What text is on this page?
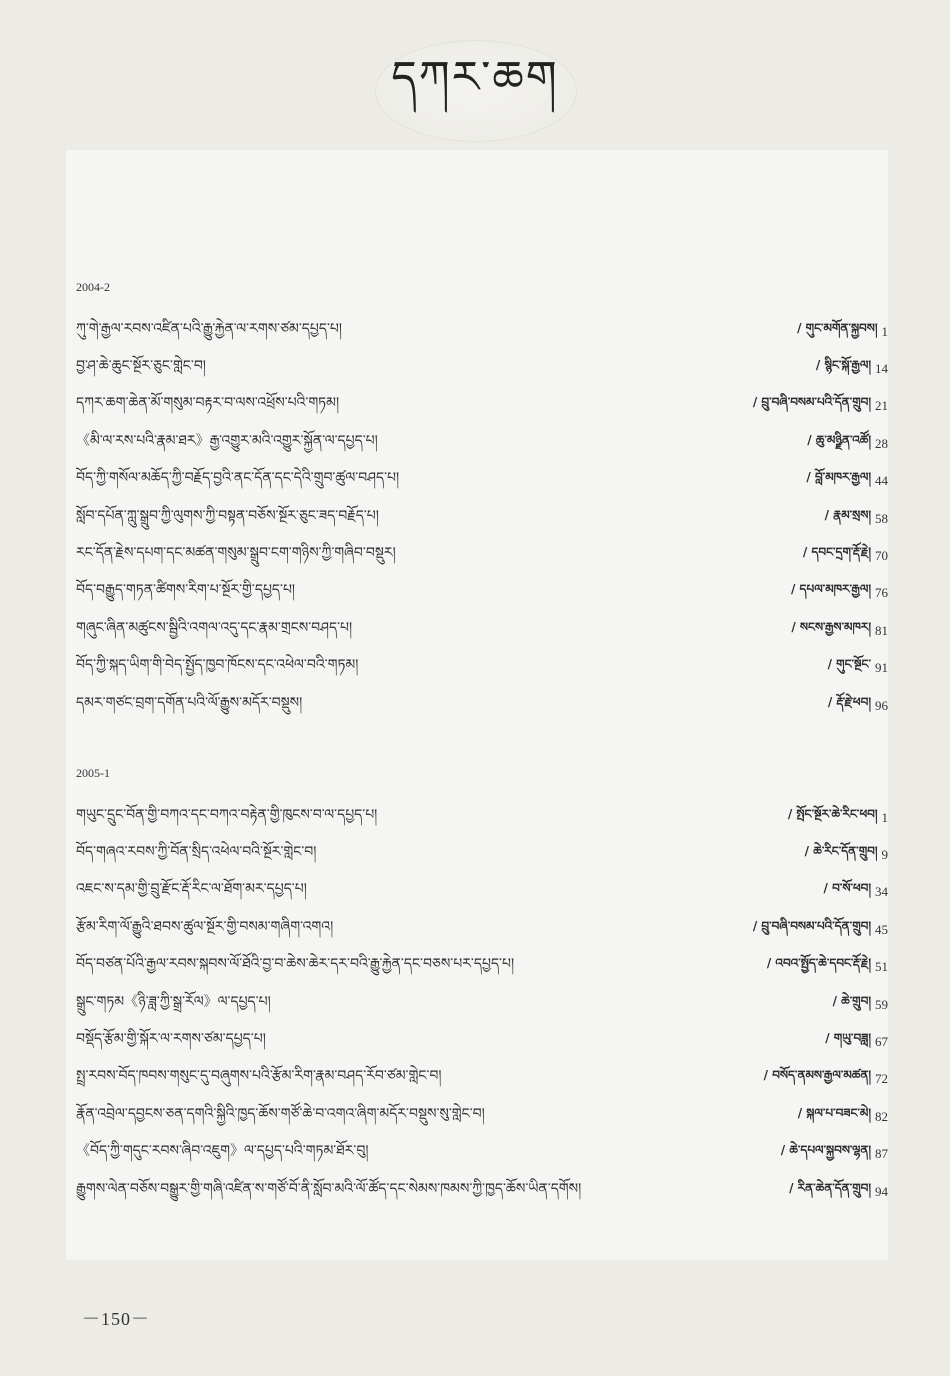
དཀར་ཆག
2004-2
ཀུ་གེ་རྒྱལ་རབས་འཛིན་པའི་རྒྱུ་རྐྱེན་ལ་རགས་ཙམ་དཔྱད་པ།	/ གུང་མགོན་སྐྱབས། 1
བྱ་ཤ་ཆེ་ཆུང་སྔོར་ཅུང་གླེང་བ།	/ སྙིང་སྐོ་རྒྱལ། 14
དཀར་ཆག་ཆེན་མོ་གསུམ་བརྟར་བ་ལས་འཕྲོས་པའི་གཏམ།	/ བྲུ་བཞི་བསམ་པའི་དོན་གྲུབ། 21
《མི་ལ་རས་པའི་རྣམ་ཐར》རྒྱ་འགྱུར་མའི་འགྱུར་སྐྱོན་ལ་དཔྱད་པ།	/ ཆུ་མཉྫིན་འཚོ། 28
བོད་ཀྱི་གསོལ་མཆོད་ཀྱི་བརྗོད་བྱའི་ནང་དོན་དང་དེའི་གྲུབ་ཚུལ་བཤད་པ།	/ བློ་མཁར་རྒྱལ། 44
སློབ་དཔོན་ཀླུ་སྒྲུབ་ཀྱི་ལུགས་ཀྱི་བསྟན་བཅོས་སྔོར་ཅུང་ཟད་བརྗོད་པ།	/ རྣམ་སྲས། 58
རང་དོན་རྗེས་དཔག་དང་མཚན་གསུམ་སྒྲུབ་ངག་གཉིས་ཀྱི་གཞིབ་བསྡུར།	/ དབང་དྲག་རྡོ་རྗེ། 70
བོད་བརྒྱུད་གཏན་ཚིགས་རིག་པ་སྔོར་གྱི་དཔྱད་པ།	/ དཔལ་མཁར་རྒྱལ། 76
གཞུང་ཞིན་མཚུངས་སྦྱིའི་འགལ་འདུ་དང་རྣམ་གྲངས་བཤད་པ།	/ སངས་རྒྱས་མཁར། 81
བོད་ཀྱི་སྐད་ཡིག་གི་བེད་སྤྱོད་ཁྱབ་ཁོངས་དང་འཕེལ་བའི་གཏམ།	/ གུང་སྔོང་ 91
དམར་གཙང་བྲག་དགོན་པའི་ལོ་རྒྱུས་མདོར་བསྡུས།	/ རྡོ་རྗེ་ཕབ། 96
2005-1
གཡུང་དྲུང་བོན་གྱི་བཀའ་དང་བཀའ་བརྟེན་གྱི་ཁུངས་བ་ལ་དཔྱད་པ།	/ སྤོང་སྔོར་ཆེ་རིང་ཕབ། 1
བོད་གཞའ་རབས་ཀྱི་བོན་སྲིད་འཕེལ་བའི་སྔོར་གླེང་བ།	/ ཆེ་རིང་དོན་གྲུབ། 9
འཇང་ས་དམ་གྱི་བྲུ་རྫོང་རྡོ་རིང་ལ་ཐོག་མར་དཔྱད་པ།	/ བ་སོ་ཕབ། 34
རྩོམ་རིག་ལོ་རྒྱུའི་ཐབས་ཚུལ་སྔོར་གྱི་བསམ་གཞིག་འགའ།	/ བྲུ་བཞི་བསམ་པའི་དོན་གྲུབ། 45
བོད་བཙན་པོའི་རྒྱལ་རབས་སྐབས་ལོ་ཐོའི་བྱ་བ་ཆེས་ཆེར་དར་བའི་རྒྱུ་རྐྱེན་དང་བཅས་པར་དཔྱད་པ།	/ འབའ་སྤྱོད་ཆེ་དབང་རྡོ་རྗེ། 51
སྒྲུང་གཏམ《ཉི་ཟླ་ཀྱི་སྒྲ་རོལ》ལ་དཔྱད་པ།	/ ཆེ་གྲུབ། 59
བསྡོད་རྩོམ་གྱི་སྐོར་ལ་རགས་ཙམ་དཔྱད་པ།	/ གཡུ་བཟླ། 67
སྤྲ་རབས་བོད་ཁབས་གསུང་དུ་བཞུགས་པའི་རྩོམ་རིག་རྣམ་བཤད་རོབ་ཙམ་གླེང་བ།	/ བསོད་ནམས་རྒྱལ་མཚན། 72
རྣོན་འབྲེལ་དབྱངས་ཅན་དགའི་སྐྱིའི་ཁྱད་ཆོས་གཙོ་ཆེ་བ་འགའ་ཞིག་མདོར་བསྡུས་སུ་གླེང་བ།	/ སྐལ་པ་བཟང་མེ། 82
《བོད་ཀྱི་གདུང་རབས་ཞིབ་འཇུག》ལ་དཔྱད་པའི་གཏམ་ཐོར་བུ།	/ ཆེ་དཔལ་སྐྱབས་ལྷན། 87
རྒྱུགས་ལེན་བཅོས་བསྒྱུར་གྱི་གཞི་འཛིན་ས་གཙོ་བོ་ནི་སློབ་མའི་ལོ་ཚོད་དང་སེམས་ཁམས་ཀྱི་ཁྱད་ཆོས་ཡིན་དགོས།	/ རིན་ཆེན་དོན་གྲུབ། 94
－150－
